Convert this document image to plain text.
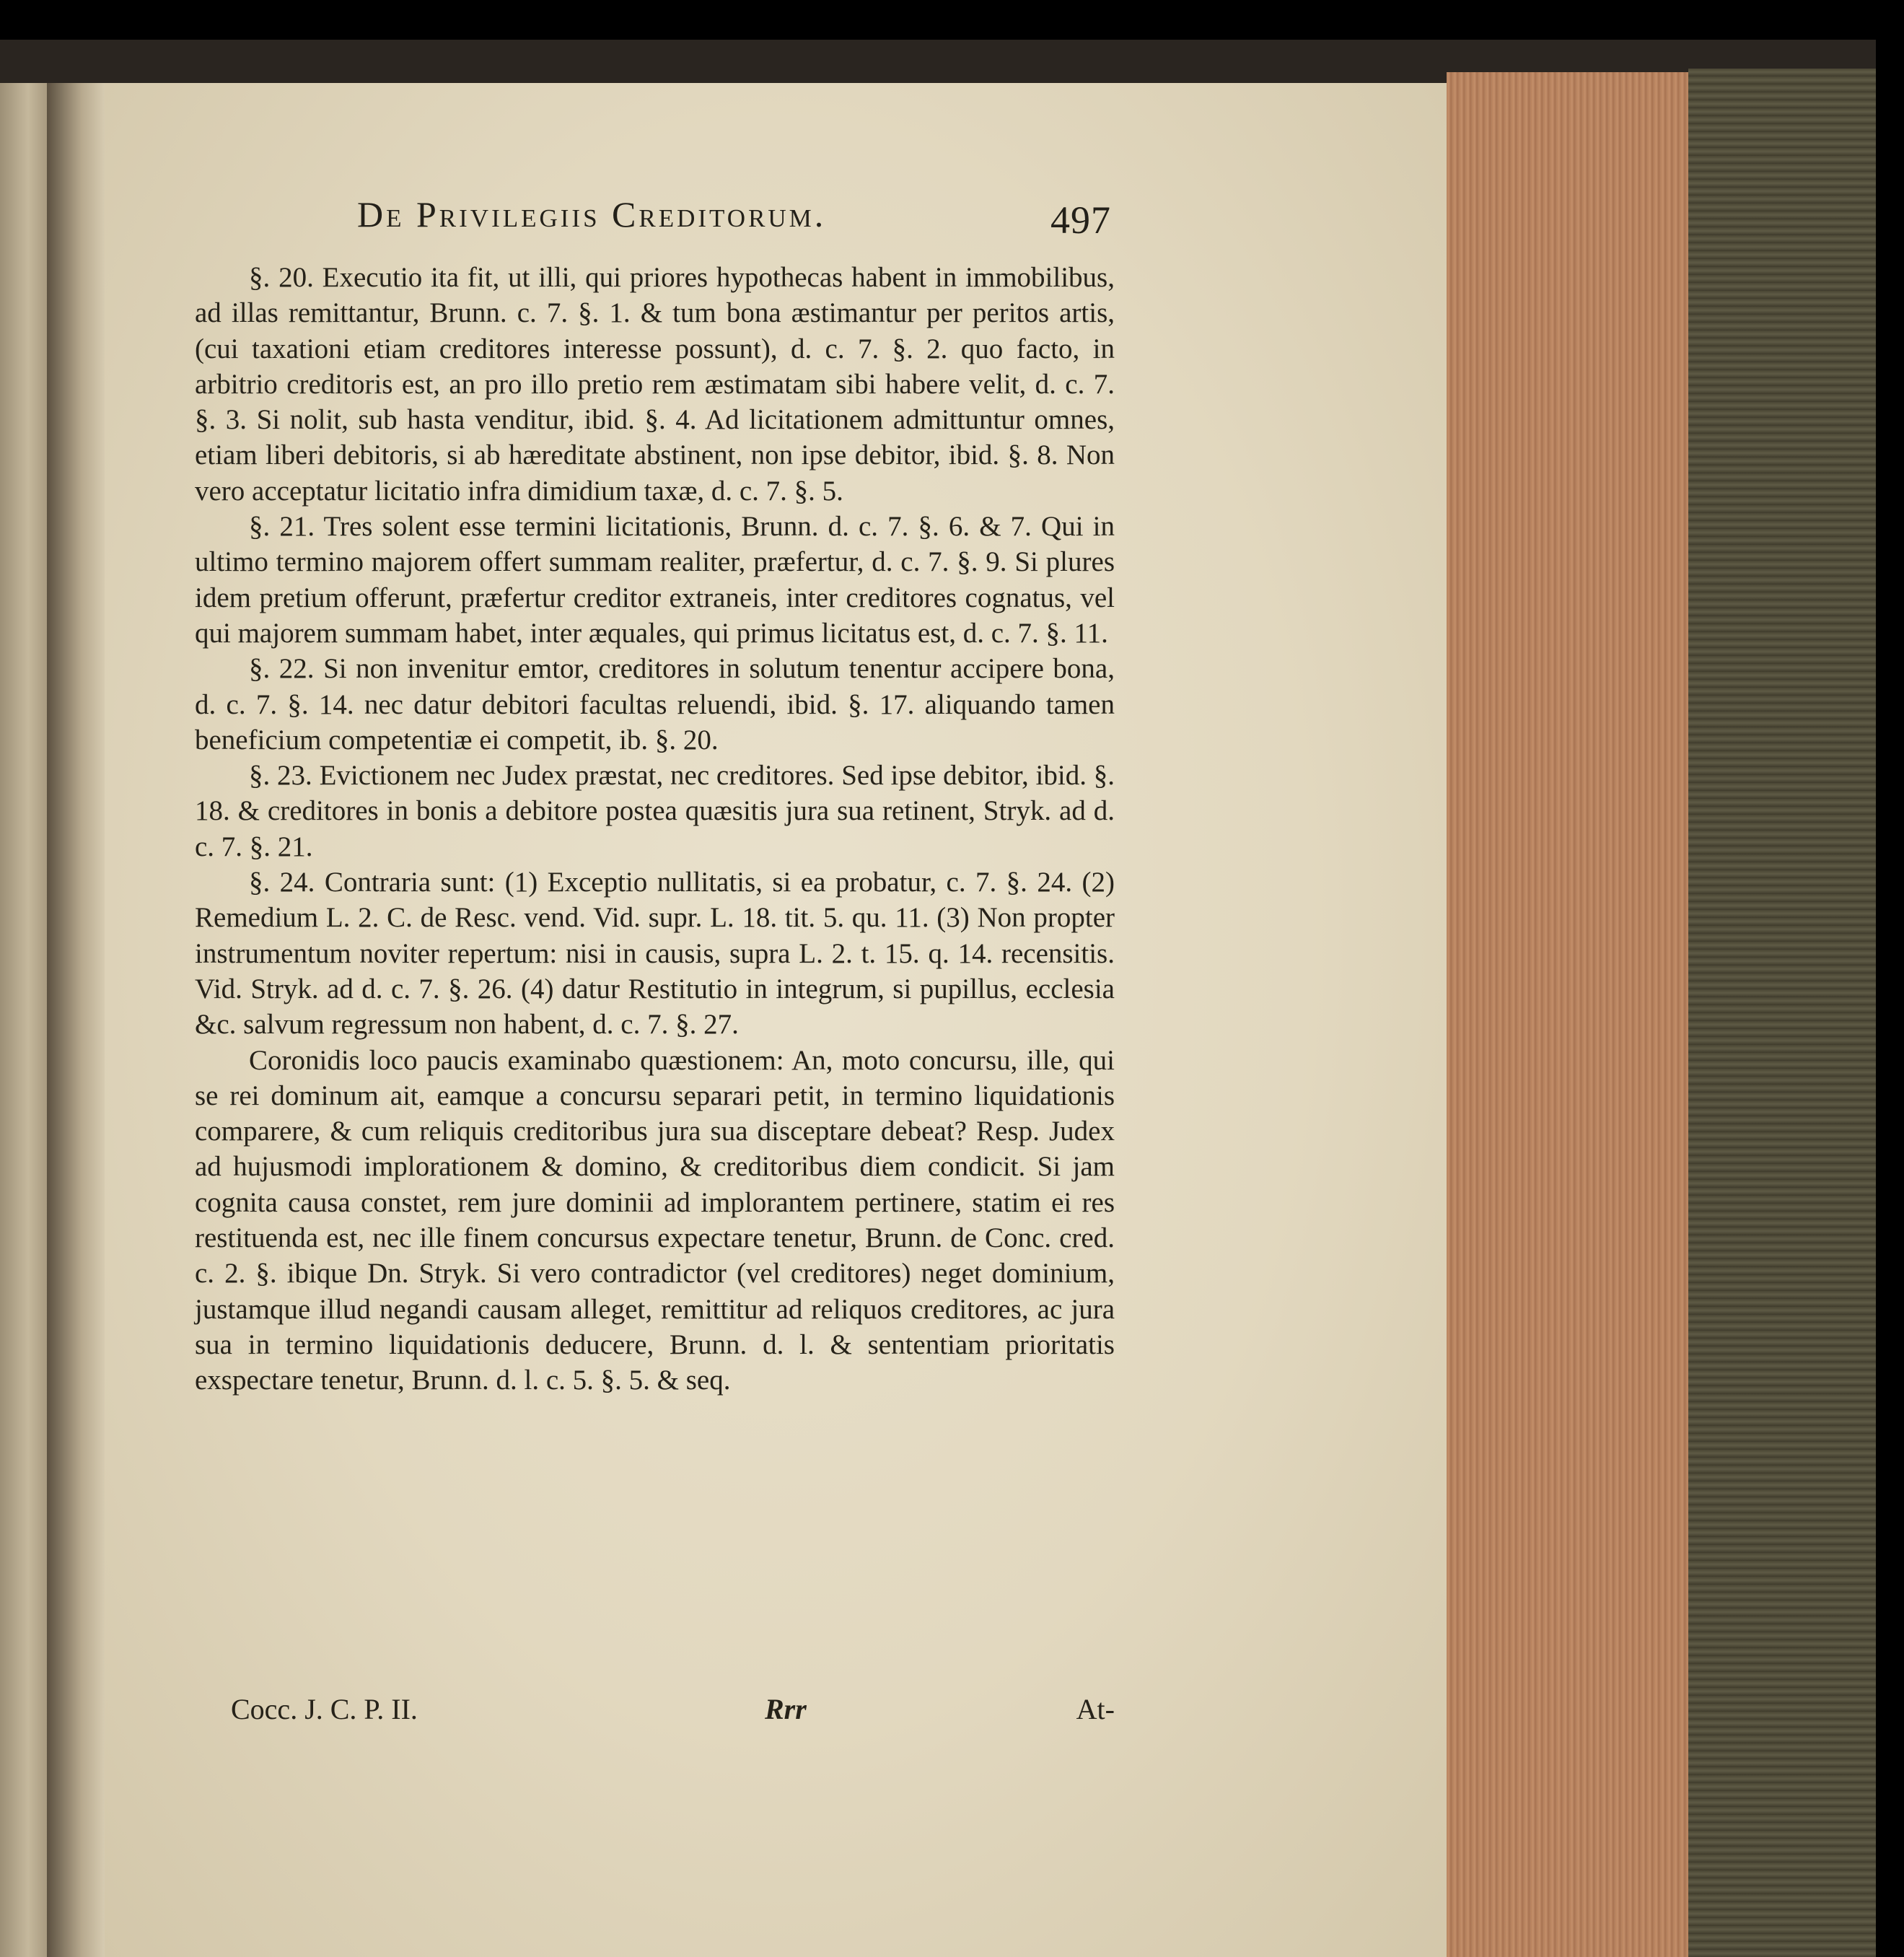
De Privilegiis Creditorum.	497

§. 20. Executio ita fit, ut illi, qui priores hypothecas habent in immobilibus, ad illas remittantur, Brunn. c. 7. §. 1. & tum bona æstimantur per peritos artis, (cui taxationi etiam creditores interesse possunt), d. c. 7. §. 2. quo facto, in arbitrio creditoris est, an pro illo pretio rem æstimatam sibi habere velit, d. c. 7. §. 3. Si nolit, sub hasta venditur, ibid. §. 4. Ad licitationem admittuntur omnes, etiam liberi debitoris, si ab hæreditate abstinent, non ipse debitor, ibid. §. 8. Non vero acceptatur licitatio infra dimidium taxæ, d. c. 7. §. 5.

§. 21. Tres solent esse termini licitationis, Brunn. d. c. 7. §. 6. & 7. Qui in ultimo termino majorem offert summam realiter, præfertur, d. c. 7. §. 9. Si plures idem pretium offerunt, præfertur creditor extraneis, inter creditores cognatus, vel qui majorem summam habet, inter æquales, qui primus licitatus est, d. c. 7. §. 11.

§. 22. Si non invenitur emtor, creditores in solutum tenentur accipere bona, d. c. 7. §. 14. nec datur debitori facultas reluendi, ibid. §. 17. aliquando tamen beneficium competentiæ ei competit, ib. §. 20.

§. 23. Evictionem nec Judex præstat, nec creditores. Sed ipse debitor, ibid. §. 18. & creditores in bonis a debitore postea quæsitis jura sua retinent, Stryk. ad d. c. 7. §. 21.

§. 24. Contraria sunt: (1) Exceptio nullitatis, si ea probatur, c. 7. §. 24. (2) Remedium L. 2. C. de Resc. vend. Vid. supr. L. 18. tit. 5. qu. 11. (3) Non propter instrumentum noviter repertum: nisi in causis, supra L. 2. t. 15. q. 14. recensitis. Vid. Stryk. ad d. c. 7. §. 26. (4) datur Restitutio in integrum, si pupillus, ecclesia &c. salvum regressum non habent, d. c. 7. §. 27.

Coronidis loco paucis examinabo quæstionem: An, moto concursu, ille, qui se rei dominum ait, eamque a concursu separari petit, in termino liquidationis comparere, & cum reliquis creditoribus jura sua disceptare debeat? Resp. Judex ad hujusmodi implorationem & domino, & creditoribus diem condicit. Si jam cognita causa constet, rem jure dominii ad implorantem pertinere, statim ei res restituenda est, nec ille finem concursus expectare tenetur, Brunn. de Conc. cred. c. 2. §. ibique Dn. Stryk. Si vero contradictor (vel creditores) neget dominium, justamque illud negandi causam alleget, remittitur ad reliquos creditores, ac jura sua in termino liquidationis deducere, Brunn. d. l. & sententiam prioritatis exspectare tenetur, Brunn. d. l. c. 5. §. 5. & seq.

Cocc. J. C. P. II.	Rrr	At-
